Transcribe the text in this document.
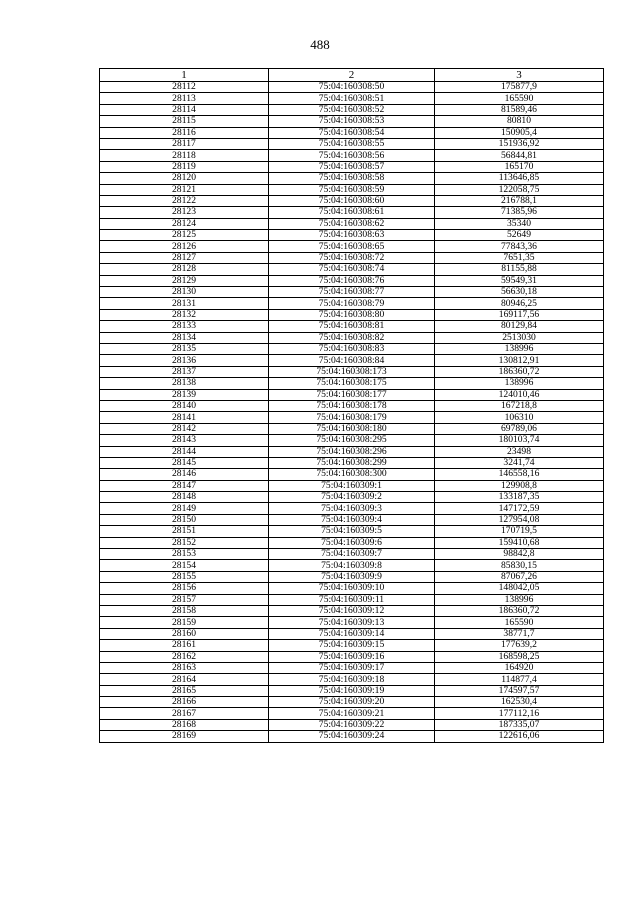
488
1	2	3
28112	75:04:160308:50	175877,9
28113	75:04:160308:51	165590
28114	75:04:160308:52	81589,46
28115	75:04:160308:53	80810
28116	75:04:160308:54	150905,4
28117	75:04:160308:55	151936,92
28118	75:04:160308:56	56844,81
28119	75:04:160308:57	165170
28120	75:04:160308:58	113646,85
28121	75:04:160308:59	122058,75
28122	75:04:160308:60	216788,1
28123	75:04:160308:61	71385,96
28124	75:04:160308:62	35340
28125	75:04:160308:63	52649
28126	75:04:160308:65	77843,36
28127	75:04:160308:72	7651,35
28128	75:04:160308:74	81155,88
28129	75:04:160308:76	59549,31
28130	75:04:160308:77	56630,18
28131	75:04:160308:79	80946,25
28132	75:04:160308:80	169117,56
28133	75:04:160308:81	80129,84
28134	75:04:160308:82	2513030
28135	75:04:160308:83	138996
28136	75:04:160308:84	130812,91
28137	75:04:160308:173	186360,72
28138	75:04:160308:175	138996
28139	75:04:160308:177	124010,46
28140	75:04:160308:178	167218,8
28141	75:04:160308:179	106310
28142	75:04:160308:180	69789,06
28143	75:04:160308:295	180103,74
28144	75:04:160308:296	23498
28145	75:04:160308:299	3241,74
28146	75:04:160308:300	146558,16
28147	75:04:160309:1	129908,8
28148	75:04:160309:2	133187,35
28149	75:04:160309:3	147172,59
28150	75:04:160309:4	127954,08
28151	75:04:160309:5	170719,5
28152	75:04:160309:6	159410,68
28153	75:04:160309:7	98842,8
28154	75:04:160309:8	85830,15
28155	75:04:160309:9	87067,26
28156	75:04:160309:10	148042,05
28157	75:04:160309:11	138996
28158	75:04:160309:12	186360,72
28159	75:04:160309:13	165590
28160	75:04:160309:14	38771,7
28161	75:04:160309:15	177639,2
28162	75:04:160309:16	168598,25
28163	75:04:160309:17	164920
28164	75:04:160309:18	114877,4
28165	75:04:160309:19	174597,57
28166	75:04:160309:20	162530,4
28167	75:04:160309:21	177112,16
28168	75:04:160309:22	187335,07
28169	75:04:160309:24	122616,06
